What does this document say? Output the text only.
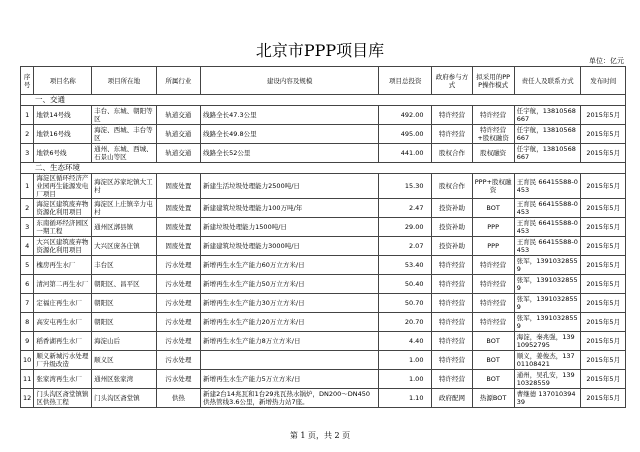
北京市PPP项目库
单位：亿元
序号	项目名称	项目所在地	所属行业	建设内容及规模	项目总投资	政府参与方式	拟采用的PPP操作模式	责任人及联系方式	发布时间
一、交通									
1	地铁14号线	丰台、东城、朝阳等区	轨道交通	线路全长47.3公里	492.00	特许经营	特许经营	任宇航，13810568667	2015年5月
2	地铁16号线	海淀、西城、丰台等区	轨道交通	线路全长49.8公里	495.00	特许经营	特许经营+股权融资	任宇航，13810568667	2015年5月
3	地铁6号线	通州、东城、西城、石景山等区	轨道交通	线路全长52公里	441.00	股权合作	股权融资	任宇航，13810568667	2015年5月
二、生态环境									
1	海淀区循环经济产业园再生能源发电厂项目	海淀区苏家坨镇大工村	固废处置	新建生活垃圾处理能力2500吨/日	15.30	股权合作	PPP+股权融资	王育民 66415588-0453	2015年5月
2	海淀区建筑废弃物资源化利用项目	海淀区上庄镇辛力屯村	固废处置	新建建筑垃圾处理能力100万吨/年	2.47	投资补助	BOT	王育民 66415588-0453	2015年5月
3	东南循环经济园区一期工程	通州区漷县镇	固废处置	新建垃圾处理能力1500吨/日	29.00	投资补助	PPP	王育民 66415588-0453	2015年5月
4	大兴区建筑废弃物资源化利用项目	大兴区庞各庄镇	固废处置	新建建筑垃圾处理能力3000吨/日	2.07	投资补助	PPP	王育民 66415588-0453	2015年5月
5	槐房再生水厂	丰台区	污水处理	新增再生水生产能力60万立方米/日	53.40	特许经营	特许经营	张军，13910328559	2015年5月
6	清河第二再生水厂	朝阳区、昌平区	污水处理	新增再生水生产能力50万立方米/日	50.40	特许经营	特许经营	张军，13910328559	2015年5月
7	定福庄再生水厂	朝阳区	污水处理	新增再生水生产能力30万立方米/日	50.70	特许经营	特许经营	张军，13910328559	2015年5月
8	高安屯再生水厂	朝阳区	污水处理	新增再生水生产能力20万立方米/日	20.70	特许经营	特许经营	张军，13910328559	2015年5月
9	稻香湖再生水厂	海淀山后	污水处理	新增再生水生产能力8万立方米/日	4.40	特许经营	BOT	海淀，秦兆强，13910952795	2015年5月
10	顺义新城污水处理厂升级改造	顺义区	污水处理		1.00	特许经营	BOT	顺义，姜俊杰，13701108421	2015年5月
11	张家湾再生水厂	通州区张家湾	污水处理	新增再生水生产能力5万立方米/日	1.00	特许经营	BOT	通州，吴孔安，13910328559	2015年5月
12	门头沟区斋堂镇镇区供热工程	门头沟区斋堂镇	供热	新建2台14兆瓦和1台29兆瓦热水锅炉，DN200～DN450供热管线3.6公里，新增热力站7座。	1.10	政府配网	热源BOT	曹继德 13701039439	2015年5月
第 1 页，共 2 页
